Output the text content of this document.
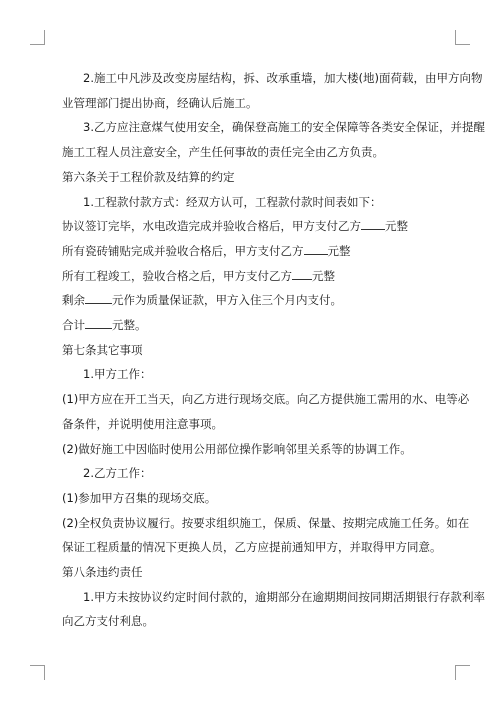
2.施工中凡涉及改变房屋结构，拆、改承重墙，加大楼(地)面荷载，由甲方向物

业管理部门提出协商，经确认后施工。

3.乙方应注意煤气使用安全，确保登高施工的安全保障等各类安全保证，并提醒

施工工程人员注意安全，产生任何事故的责任完全由乙方负责。

第六条关于工程价款及结算的约定

1.工程款付款方式：经双方认可，工程款付款时间表如下：

协议签订完毕，水电改造完成并验收合格后，甲方支付乙方 元整

所有瓷砖铺贴完成并验收合格后，甲方支付乙方 元整

所有工程竣工，验收合格之后，甲方支付乙方 元整

剩余 元作为质量保证款，甲方入住三个月内支付。

合计 元整。

第七条其它事项

1.甲方工作：

(1)甲方应在开工当天，向乙方进行现场交底。向乙方提供施工需用的水、电等必

备条件，并说明使用注意事项。

(2)做好施工中因临时使用公用部位操作影响邻里关系等的协调工作。

2.乙方工作：

(1)参加甲方召集的现场交底。

(2)全权负责协议履行。按要求组织施工，保质、保量、按期完成施工任务。如在

保证工程质量的情况下更换人员，乙方应提前通知甲方，并取得甲方同意。

第八条违约责任

1.甲方未按协议约定时间付款的，逾期部分在逾期期间按同期活期银行存款利率

向乙方支付利息。
